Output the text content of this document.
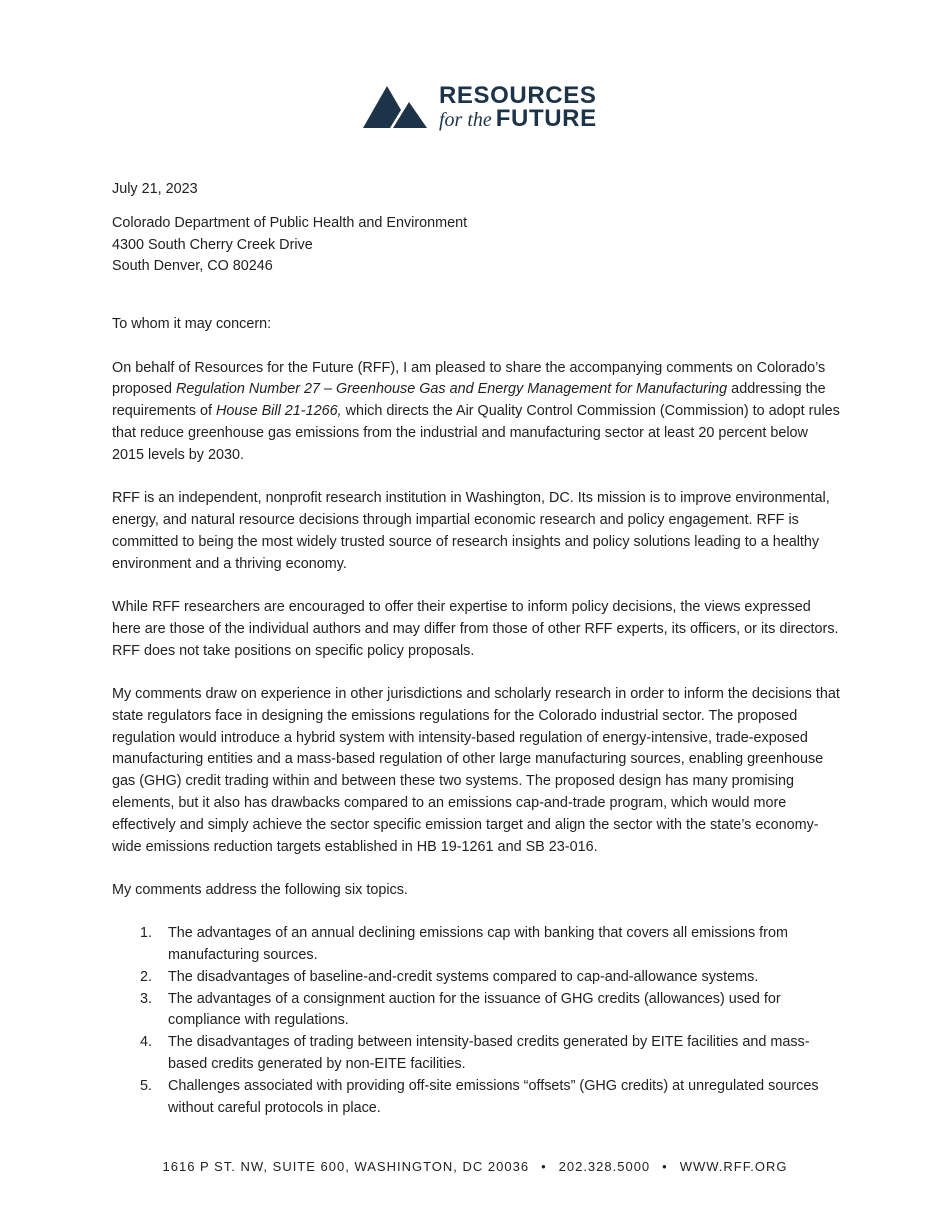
RESOURCES
for the FUTURE

July 21, 2023

Colorado Department of Public Health and Environment

4300 South Cherry Creek Drive

South Denver, CO 80246

To whom it may concern:

On behalf of Resources for the Future (RFF), I am pleased to share the accompanying comments on Colorado’s proposed Regulation Number 27 – Greenhouse Gas and Energy Management for Manufacturing addressing the requirements of House Bill 21-1266, which directs the Air Quality Control Commission (Commission) to adopt rules that reduce greenhouse gas emissions from the industrial and manufacturing sector at least 20 percent below 2015 levels by 2030.

RFF is an independent, nonprofit research institution in Washington, DC. Its mission is to improve environmental, energy, and natural resource decisions through impartial economic research and policy engagement. RFF is committed to being the most widely trusted source of research insights and policy solutions leading to a healthy environment and a thriving economy.

While RFF researchers are encouraged to offer their expertise to inform policy decisions, the views expressed here are those of the individual authors and may differ from those of other RFF experts, its officers, or its directors. RFF does not take positions on specific policy proposals.

My comments draw on experience in other jurisdictions and scholarly research in order to inform the decisions that state regulators face in designing the emissions regulations for the Colorado industrial sector. The proposed regulation would introduce a hybrid system with intensity-based regulation of energy-intensive, trade-exposed manufacturing entities and a mass-based regulation of other large manufacturing sources, enabling greenhouse gas (GHG) credit trading within and between these two systems. The proposed design has many promising elements, but it also has drawbacks compared to an emissions cap-and-trade program, which would more effectively and simply achieve the sector specific emission target and align the sector with the state’s economy-wide emissions reduction targets established in HB 19-1261 and SB 23-016.

My comments address the following six topics.

1. The advantages of an annual declining emissions cap with banking that covers all emissions from manufacturing sources.
2. The disadvantages of baseline-and-credit systems compared to cap-and-allowance systems.
3. The advantages of a consignment auction for the issuance of GHG credits (allowances) used for compliance with regulations.
4. The disadvantages of trading between intensity-based credits generated by EITE facilities and mass-based credits generated by non-EITE facilities.
5. Challenges associated with providing off-site emissions “offsets” (GHG credits) at unregulated sources without careful protocols in place.
1616 P ST. NW, SUITE 600, WASHINGTON, DC 20036 • 202.328.5000 • WWW.RFF.ORG
